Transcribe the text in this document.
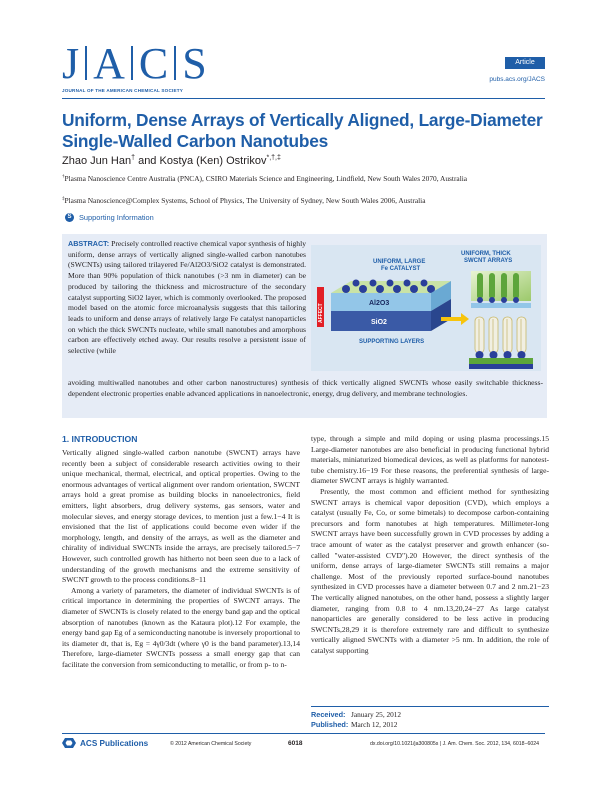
J A C S
JOURNAL OF THE AMERICAN CHEMICAL SOCIETY
Article
pubs.acs.org/JACS
Uniform, Dense Arrays of Vertically Aligned, Large-Diameter Single-Walled Carbon Nanotubes
Zhao Jun Han† and Kostya (Ken) Ostrikov*,†,‡
†Plasma Nanoscience Centre Australia (PNCA), CSIRO Materials Science and Engineering, Lindfield, New South Wales 2070, Australia
‡Plasma Nanoscience@Complex Systems, School of Physics, The University of Sydney, New South Wales 2006, Australia
S	Supporting Information
ABSTRACT: Precisely controlled reactive chemical vapor synthesis of highly uniform, dense arrays of vertically aligned single-walled carbon nanotubes (SWCNTs) using tailored trilayered Fe/Al2O3/SiO2 catalyst is demonstrated. More than 90% population of thick nanotubes (>3 nm in diameter) can be produced by tailoring the thickness and microstructure of the secondary catalyst supporting SiO2 layer, which is commonly overlooked. The proposed model based on the atomic force microanalysis suggests that this tailoring leads to uniform and dense arrays of relatively large Fe catalyst nanoparticles on which the thick SWCNTs nucleate, while small nanotubes and amorphous carbon are effectively etched away. Our results resolve a persistent issue of selective (while
avoiding multiwalled nanotubes and other carbon nanostructures) synthesis of thick vertically aligned SWCNTs whose easily switchable thickness-dependent electronic properties enable advanced applications in nanoelectronic, energy, drug delivery, and membrane technologies.
UNIFORM, LARGE
Fe CATALYST
UNIFORM, THICK
SWCNT ARRAYS
Al2O3
SiO2
AFFECT
SUPPORTING LAYERS
1. INTRODUCTION

Vertically aligned single-walled carbon nanotube (SWCNT) arrays have recently been a subject of considerable research activities owing to their unique mechanical, thermal, electrical, and optical properties. Owing to the enormous advantages of vertical alignment over random orientation, SWCNT arrays hold a great promise as building blocks in nanoelectronics, field emitters, light absorbers, drug delivery systems, gas sensors, water and molecular sieves, and energy storage devices, to mention just a few.1−4 It is envisioned that the list of applications could become even wider if the morphology, length, and density of the arrays, as well as the diameter and chirality of individual SWCNTs inside the arrays, are precisely tailored.5−7 However, such controlled growth has hitherto not been seen due to a lack of understanding of the growth mechanisms and the extreme sensitivity of SWCNT growth to the process conditions.8−11

Among a variety of parameters, the diameter of individual SWCNTs is of critical importance in determining the properties of SWCNT arrays. The diameter of SWCNTs is closely related to the energy band gap and the optical absorption of nanotubes (known as the Kataura plot).12 For example, the energy band gap Eg of a semiconducting nanotube is inversely proportional to its diameter dt, that is, Eg = 4γ0/3dt (where γ0 is the band parameter).13,14 Therefore, large-diameter SWCNTs possess a small energy gap that can facilitate the conversion from semiconducting to metallic, or from p- to n-

type, through a simple and mild doping or using plasma processings.15 Large-diameter nanotubes are also beneficial in producing functional hybrid materials, miniaturized biomedical devices, as well as platforms for nanotest-tube chemistry.16−19 For these reasons, the preferential synthesis of large-diameter SWCNT arrays is highly warranted.

Presently, the most common and efficient method for synthesizing SWCNT arrays is chemical vapor deposition (CVD), which employs a catalyst (usually Fe, Co, or some bimetals) to decompose carbon-containing precursors and form nanotubes at high temperatures. Millimeter-long SWCNT arrays have been successfully grown in CVD processes by adding a trace amount of water as the catalyst preserver and growth enhancer (so-called "water-assisted CVD").20 However, the direct synthesis of the uniform, dense arrays of large-diameter SWCNTs still remains a major challenge. Most of the previously reported surface-bound nanotubes synthesized in CVD processes have a diameter between 0.7 and 2 nm.21−23 The vertically aligned nanotubes, on the other hand, possess a slightly larger diameter, ranging from 0.8 to 4 nm.13,20,24−27 As large catalyst nanoparticles are generally considered to be less active in producing SWCNTs,28,29 it is therefore extremely rare and difficult to synthesize vertically aligned SWCNTs with a diameter >5 nm. In addition, the role of catalyst supporting

Received: January 25, 2012
Published: March 12, 2012
ACS Publications	© 2012 American Chemical Society	6018	dx.doi.org/10.1021/ja300805s | J. Am. Chem. Soc. 2012, 134, 6018−6024
